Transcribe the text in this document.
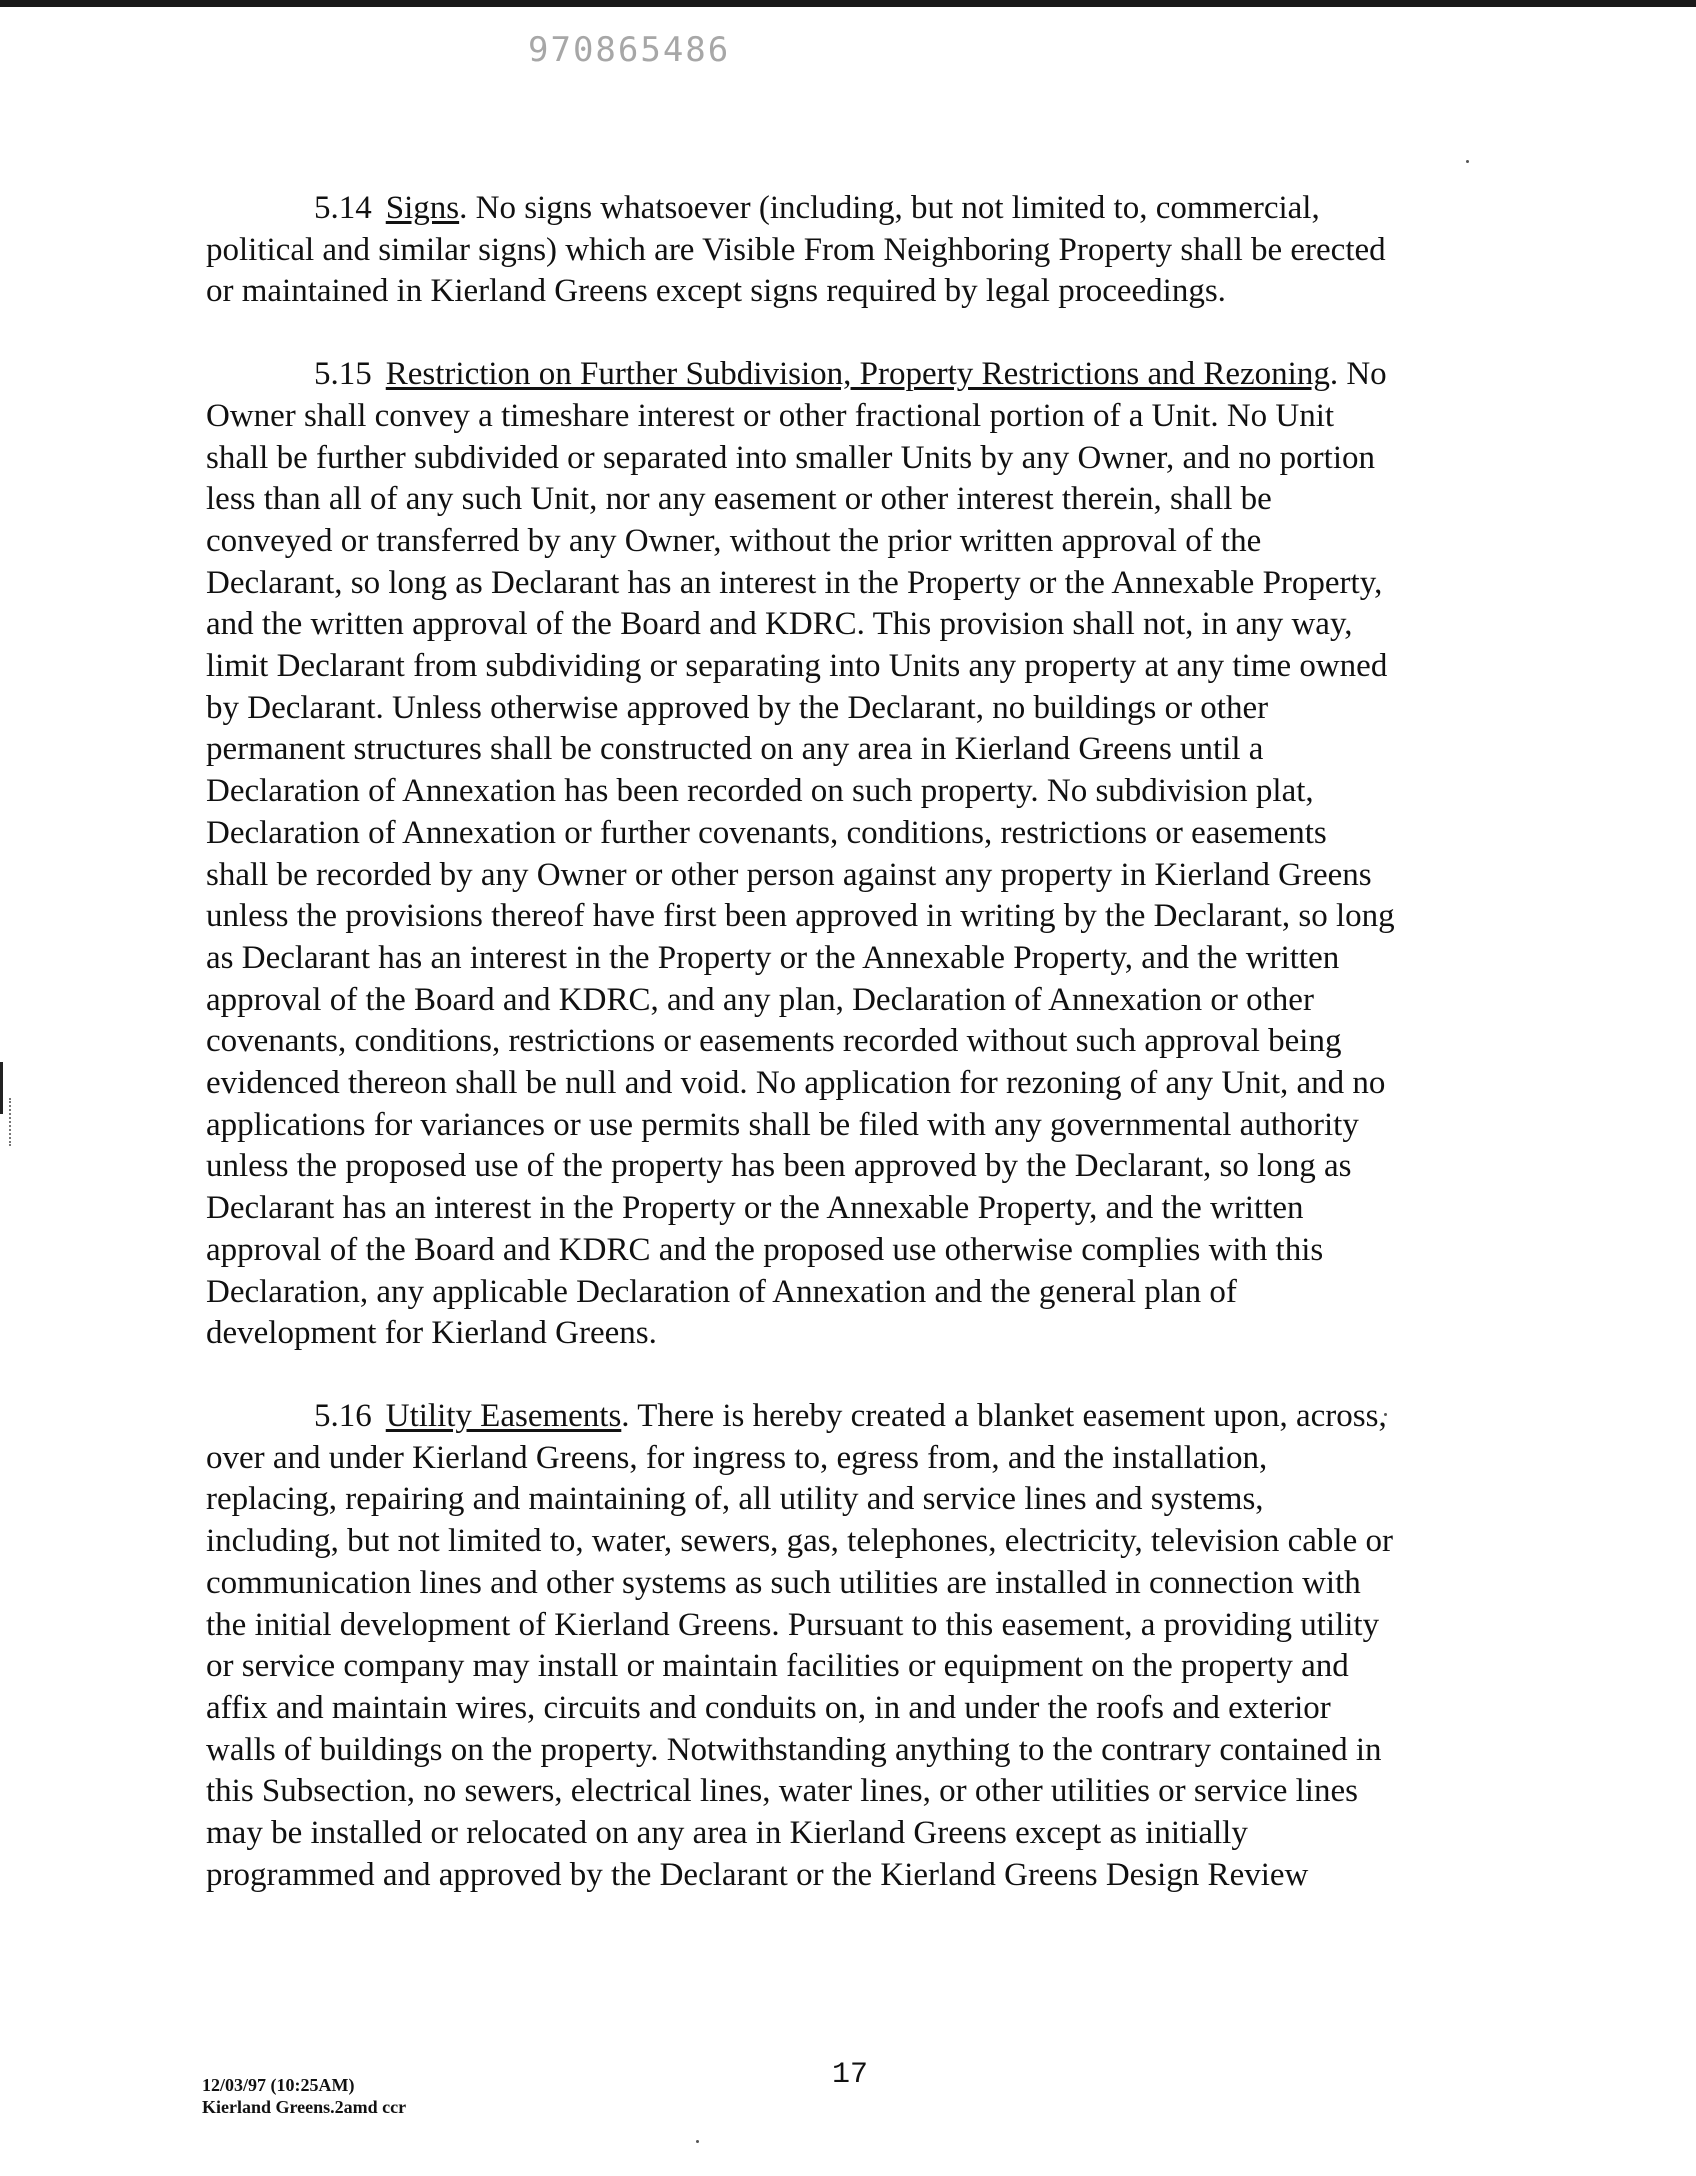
970865486
5.14 Signs. No signs whatsoever (including, but not limited to, commercial,
political and similar signs) which are Visible From Neighboring Property shall be erected
or maintained in Kierland Greens except signs required by legal proceedings.
5.15 Restriction on Further Subdivision, Property Restrictions and Rezoning. No
Owner shall convey a timeshare interest or other fractional portion of a Unit. No Unit
shall be further subdivided or separated into smaller Units by any Owner, and no portion
less than all of any such Unit, nor any easement or other interest therein, shall be
conveyed or transferred by any Owner, without the prior written approval of the
Declarant, so long as Declarant has an interest in the Property or the Annexable Property,
and the written approval of the Board and KDRC. This provision shall not, in any way,
limit Declarant from subdividing or separating into Units any property at any time owned
by Declarant. Unless otherwise approved by the Declarant, no buildings or other
permanent structures shall be constructed on any area in Kierland Greens until a
Declaration of Annexation has been recorded on such property. No subdivision plat,
Declaration of Annexation or further covenants, conditions, restrictions or easements
shall be recorded by any Owner or other person against any property in Kierland Greens
unless the provisions thereof have first been approved in writing by the Declarant, so long
as Declarant has an interest in the Property or the Annexable Property, and the written
approval of the Board and KDRC, and any plan, Declaration of Annexation or other
covenants, conditions, restrictions or easements recorded without such approval being
evidenced thereon shall be null and void. No application for rezoning of any Unit, and no
applications for variances or use permits shall be filed with any governmental authority
unless the proposed use of the property has been approved by the Declarant, so long as
Declarant has an interest in the Property or the Annexable Property, and the written
approval of the Board and KDRC and the proposed use otherwise complies with this
Declaration, any applicable Declaration of Annexation and the general plan of
development for Kierland Greens.
5.16 Utility Easements. There is hereby created a blanket easement upon, across,
over and under Kierland Greens, for ingress to, egress from, and the installation,
replacing, repairing and maintaining of, all utility and service lines and systems,
including, but not limited to, water, sewers, gas, telephones, electricity, television cable or
communication lines and other systems as such utilities are installed in connection with
the initial development of Kierland Greens. Pursuant to this easement, a providing utility
or service company may install or maintain facilities or equipment on the property and
affix and maintain wires, circuits and conduits on, in and under the roofs and exterior
walls of buildings on the property. Notwithstanding anything to the contrary contained in
this Subsection, no sewers, electrical lines, water lines, or other utilities or service lines
may be installed or relocated on any area in Kierland Greens except as initially
programmed and approved by the Declarant or the Kierland Greens Design Review
12/03/97 (10:25AM)
Kierland Greens.2amd ccr
17
